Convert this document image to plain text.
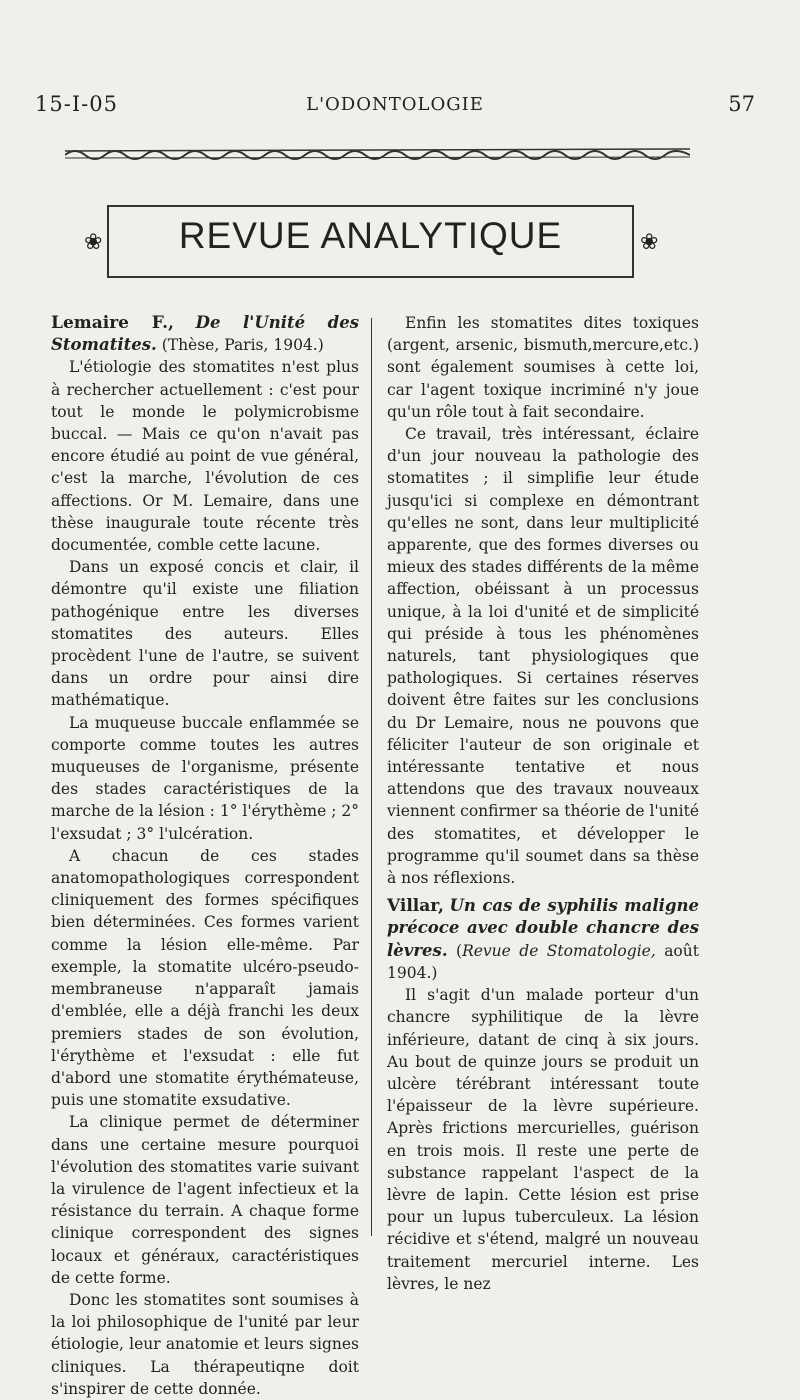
15-I-05	L'ODONTOLOGIE	57
❀	REVUE ANALYTIQUE	❀

Lemaire F., De l'Unité des Stomatites. (Thèse, Paris, 1904.)

L'étiologie des stomatites n'est plus à rechercher actuellement : c'est pour tout le monde le polymicrobisme buccal. — Mais ce qu'on n'avait pas encore étudié au point de vue général, c'est la marche, l'évolution de ces affections. Or M. Lemaire, dans une thèse inaugurale toute récente très documentée, comble cette lacune.

Dans un exposé concis et clair, il démontre qu'il existe une filiation pathogénique entre les diverses stomatites des auteurs. Elles procèdent l'une de l'autre, se suivent dans un ordre pour ainsi dire mathématique.

La muqueuse buccale enflammée se comporte comme toutes les autres muqueuses de l'organisme, présente des stades caractéristiques de la marche de la lésion : 1° l'érythème ; 2° l'exsudat ; 3° l'ulcération.

A chacun de ces stades anatomopathologiques correspondent cliniquement des formes spécifiques bien déterminées. Ces formes varient comme la lésion elle-même. Par exemple, la stomatite ulcéro-pseudo-membraneuse n'apparaît jamais d'emblée, elle a déjà franchi les deux premiers stades de son évolution, l'érythème et l'exsudat : elle fut d'abord une stomatite érythémateuse, puis une stomatite exsudative.

La clinique permet de déterminer dans une certaine mesure pourquoi l'évolution des stomatites varie suivant la virulence de l'agent infectieux et la résistance du terrain. A chaque forme clinique correspondent des signes locaux et généraux, caractéristiques de cette forme.

Donc les stomatites sont soumises à la loi philosophique de l'unité par leur étiologie, leur anatomie et leurs signes cliniques. La thérapeutiqne doit s'inspirer de cette donnée.

Enfin les stomatites dites toxiques (argent, arsenic, bismuth,mercure,etc.) sont également soumises à cette loi, car l'agent toxique incriminé n'y joue qu'un rôle tout à fait secondaire.

Ce travail, très intéressant, éclaire d'un jour nouveau la pathologie des stomatites ; il simplifie leur étude jusqu'ici si complexe en démontrant qu'elles ne sont, dans leur multiplicité apparente, que des formes diverses ou mieux des stades différents de la même affection, obéissant à un processus unique, à la loi d'unité et de simplicité qui préside à tous les phénomènes naturels, tant physiologiques que pathologiques. Si certaines réserves doivent être faites sur les conclusions du Dr Lemaire, nous ne pouvons que féliciter l'auteur de son originale et intéressante tentative et nous attendons que des travaux nouveaux viennent confirmer sa théorie de l'unité des stomatites, et développer le programme qu'il soumet dans sa thèse à nos réflexions.

Villar, Un cas de syphilis maligne précoce avec double chancre des lèvres. (Revue de Stomatologie, août 1904.)

Il s'agit d'un malade porteur d'un chancre syphilitique de la lèvre inférieure, datant de cinq à six jours. Au bout de quinze jours se produit un ulcère térébrant intéressant toute l'épaisseur de la lèvre supérieure. Après frictions mercurielles, guérison en trois mois. Il reste une perte de substance rappelant l'aspect de la lèvre de lapin. Cette lésion est prise pour un lupus tuberculeux. La lésion récidive et s'étend, malgré un nouveau traitement mercuriel interne. Les lèvres, le nez
